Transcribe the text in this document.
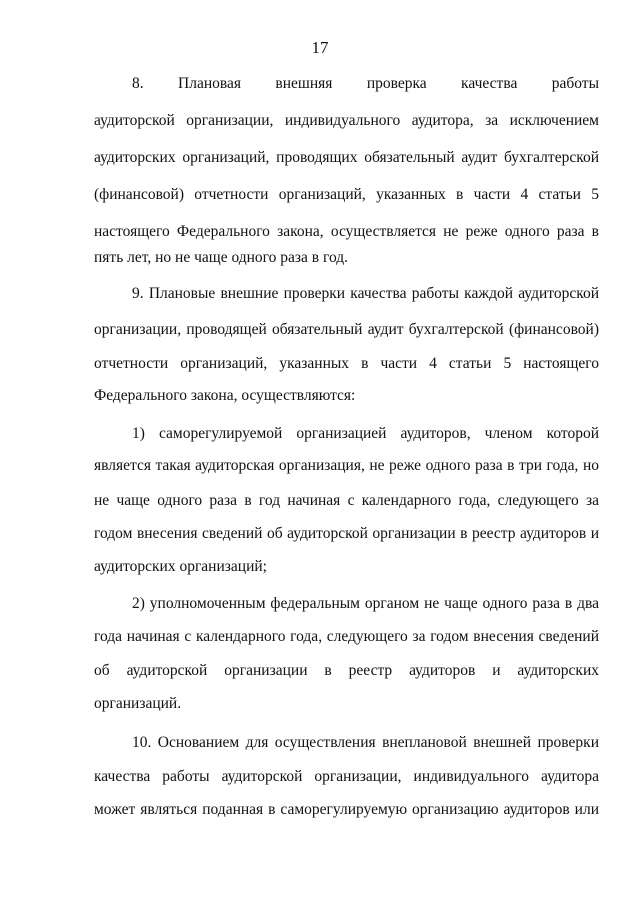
17
8. Плановая внешняя проверка качества работы
аудиторской организации, индивидуального аудитора, за исключением
аудиторских организаций, проводящих обязательный аудит бухгалтерской
(финансовой) отчетности организаций, указанных в части 4 статьи 5
настоящего Федерального закона, осуществляется не реже одного раза в
пять лет, но не чаще одного раза в год.
9. Плановые внешние проверки качества работы каждой аудиторской
организации, проводящей обязательный аудит бухгалтерской (финансовой)
отчетности организаций, указанных в части 4 статьи 5 настоящего
Федерального закона, осуществляются:
1) саморегулируемой организацией аудиторов, членом которой
является такая аудиторская организация, не реже одного раза в три года, но
не чаще одного раза в год начиная с календарного года, следующего за
годом внесения сведений об аудиторской организации в реестр аудиторов и
аудиторских организаций;
2) уполномоченным федеральным органом не чаще одного раза в два
года начиная с календарного года, следующего за годом внесения сведений
об аудиторской организации в реестр аудиторов и аудиторских
организаций.
10. Основанием для осуществления внеплановой внешней проверки
качества работы аудиторской организации, индивидуального аудитора
может являться поданная в саморегулируемую организацию аудиторов или
